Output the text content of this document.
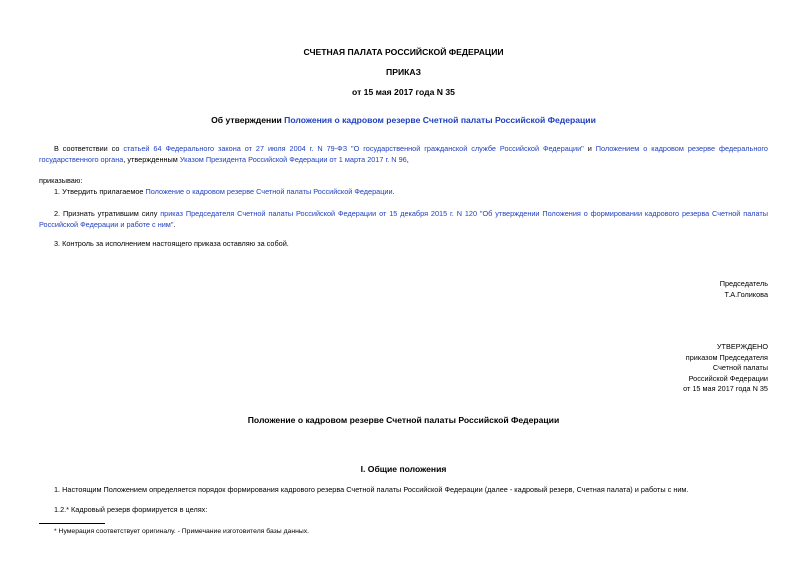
СЧЕТНАЯ ПАЛАТА РОССИЙСКОЙ ФЕДЕРАЦИИ
ПРИКАЗ
от 15 мая 2017 года N 35
Об утверждении Положения о кадровом резерве Счетной палаты Российской Федерации
В соответствии со статьей 64 Федерального закона от 27 июля 2004 г. N 79-ФЗ "О государственной гражданской службе Российской Федерации" и Положением о кадровом резерве федерального государственного органа, утвержденным Указом Президента Российской Федерации от 1 марта 2017 г. N 96,
приказываю:
1. Утвердить прилагаемое Положение о кадровом резерве Счетной палаты Российской Федерации.
2. Признать утратившим силу приказ Председателя Счетной палаты Российской Федерации от 15 декабря 2015 г. N 120 "Об утверждении Положения о формировании кадрового резерва Счетной палаты Российской Федерации и работе с ним".
3. Контроль за исполнением настоящего приказа оставляю за собой.
Председатель
Т.А.Голикова
УТВЕРЖДЕНО
приказом Председателя
Счетной палаты
Российской Федерации
от 15 мая 2017 года N 35
Положение о кадровом резерве Счетной палаты Российской Федерации
I. Общие положения
1. Настоящим Положением определяется порядок формирования кадрового резерва Счетной палаты Российской Федерации (далее - кадровый резерв, Счетная палата) и работы с ним.
1.2.* Кадровый резерв формируется в целях:
* Нумерация соответствует оригиналу. - Примечание изготовителя базы данных.
